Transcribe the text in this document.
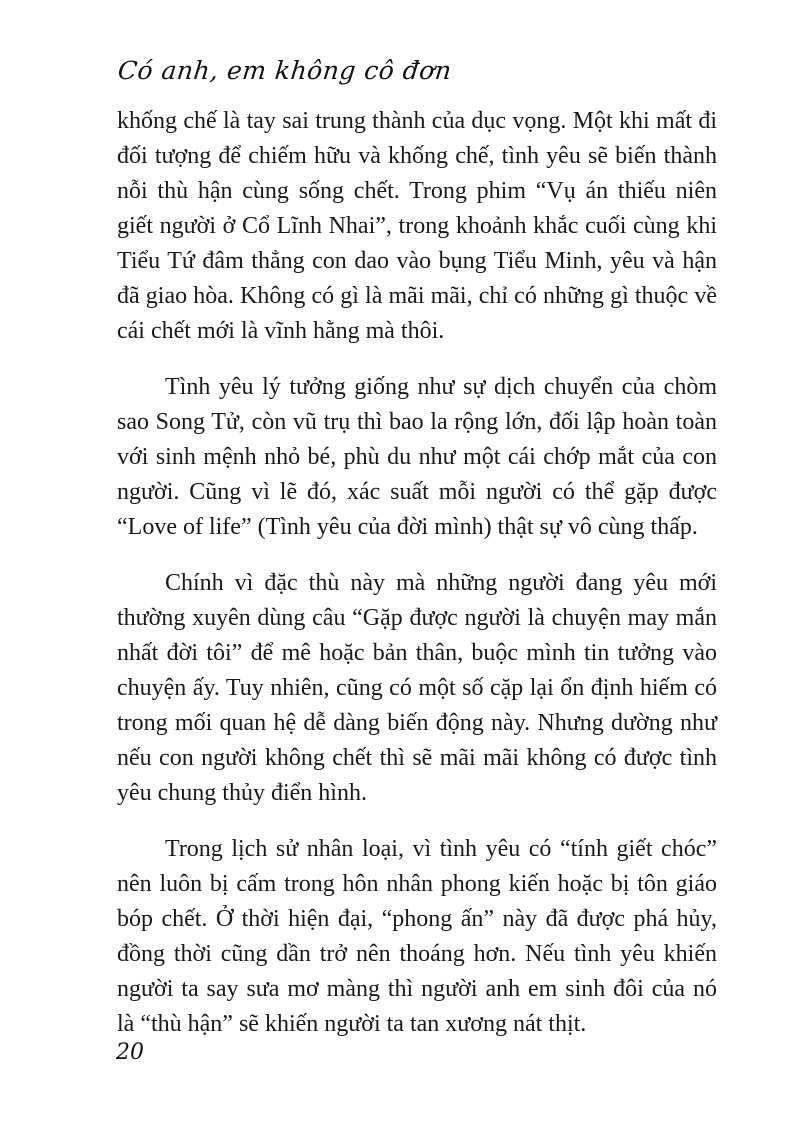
Có anh, em không cô đơn
khống chế là tay sai trung thành của dục vọng. Một khi mất đi
đối tượng để chiếm hữu và khống chế, tình yêu sẽ biến thành
nỗi thù hận cùng sống chết. Trong phim “Vụ án thiếu niên
giết người ở Cổ Lĩnh Nhai”, trong khoảnh khắc cuối cùng khi
Tiểu Tứ đâm thẳng con dao vào bụng Tiểu Minh, yêu và hận
đã giao hòa. Không có gì là mãi mãi, chỉ có những gì thuộc về
cái chết mới là vĩnh hằng mà thôi.
Tình yêu lý tưởng giống như sự dịch chuyển của chòm
sao Song Tử, còn vũ trụ thì bao la rộng lớn, đối lập hoàn toàn
với sinh mệnh nhỏ bé, phù du như một cái chớp mắt của con
người. Cũng vì lẽ đó, xác suất mỗi người có thể gặp được
“Love of life” (Tình yêu của đời mình) thật sự vô cùng thấp.
Chính vì đặc thù này mà những người đang yêu mới
thường xuyên dùng câu “Gặp được người là chuyện may mắn
nhất đời tôi” để mê hoặc bản thân, buộc mình tin tưởng vào
chuyện ấy. Tuy nhiên, cũng có một số cặp lại ổn định hiếm có
trong mối quan hệ dễ dàng biến động này. Nhưng dường như
nếu con người không chết thì sẽ mãi mãi không có được tình
yêu chung thủy điển hình.
Trong lịch sử nhân loại, vì tình yêu có “tính giết chóc”
nên luôn bị cấm trong hôn nhân phong kiến hoặc bị tôn giáo
bóp chết. Ở thời hiện đại, “phong ấn” này đã được phá hủy,
đồng thời cũng dần trở nên thoáng hơn. Nếu tình yêu khiến
người ta say sưa mơ màng thì người anh em sinh đôi của nó
là “thù hận” sẽ khiến người ta tan xương nát thịt.
20
